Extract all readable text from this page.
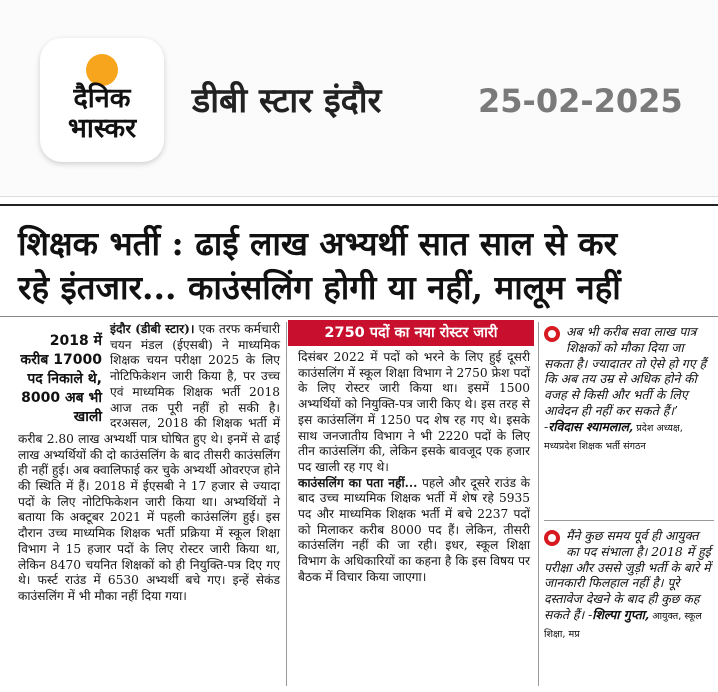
दैनिक
भास्कर
डीबी स्टार इंदौर	25-02-2025
शिक्षक भर्ती : ढाई लाख अभ्यर्थी सात साल से कर
रहे इंतजार... काउंसलिंग होगी या नहीं, मालूम नहीं

इंदौर (डीबी स्टार)।
2018 में करीब 17000 पद निकाले थे, 8000 अब भी खाली
एक तरफ कर्मचारी चयन मंडल (ईएसबी) ने माध्यमिक शिक्षक चयन परीक्षा 2025 के लिए नोटिफिकेशन जारी किया है, पर उच्च एवं माध्यमिक शिक्षक भर्ती 2018 आज तक पूरी नहीं हो सकी है। दरअसल, 2018 की शिक्षक भर्ती में करीब 2.80 लाख अभ्यर्थी पात्र घोषित हुए थे। इनमें से ढाई लाख अभ्यर्थियों की दो काउंसलिंग के बाद तीसरी काउंसलिंग ही नहीं हुई। अब क्वालिफाई कर चुके अभ्यर्थी ओवरएज होने की स्थिति में हैं। 2018 में ईएसबी ने 17 हजार से ज्यादा पदों के लिए नोटिफिकेशन जारी किया था। अभ्यर्थियों ने बताया कि अक्टूबर 2021 में पहली काउंसलिंग हुई। इस दौरान उच्च माध्यमिक शिक्षक भर्ती प्रक्रिया में स्कूल शिक्षा विभाग ने 15 हजार पदों के लिए रोस्टर जारी किया था, लेकिन 8470 चयनित शिक्षकों को ही नियुक्ति-पत्र दिए गए थे। फर्स्ट राउंड में 6530 अभ्यर्थी बचे गए। इन्हें सेकंड काउंसलिंग में भी मौका नहीं दिया गया।

2750 पदों का नया रोस्टर जारी

दिसंबर 2022 में पदों को भरने के लिए हुई दूसरी काउंसलिंग में स्कूल शिक्षा विभाग ने 2750 फ्रेश पदों के लिए रोस्टर जारी किया था। इसमें 1500 अभ्यर्थियों को नियुक्ति-पत्र जारी किए थे। इस तरह से इस काउंसलिंग में 1250 पद शेष रह गए थे। इसके साथ जनजातीय विभाग ने भी 2220 पदों के लिए तीन काउंसलिंग की, लेकिन इसके बावजूद एक हजार पद खाली रह गए थे।

काउंसलिंग का पता नहीं... पहले और दूसरे राउंड के बाद उच्च माध्यमिक शिक्षक भर्ती में शेष रहे 5935 पद और माध्यमिक शिक्षक भर्ती में बचे 2237 पदों को मिलाकर करीब 8000 पद हैं। लेकिन, तीसरी काउंसलिंग नहीं की जा रही। इधर, स्कूल शिक्षा विभाग के अधिकारियों का कहना है कि इस विषय पर बैठक में विचार किया जाएगा।

अब भी करीब सवा लाख पात्र शिक्षकों को मौका दिया जा सकता है। ज्यादातर तो ऐसे हो गए हैं कि अब तय उम्र से अधिक होने की वजह से किसी और भर्ती के लिए आवेदन ही नहीं कर सकते हैं।’ -रविदास श्यामलाल, प्रदेश अध्यक्ष, मध्यप्रदेश शिक्षक भर्ती संगठन
मैंने कुछ समय पूर्व ही आयुक्त का पद संभाला है। 2018 में हुई परीक्षा और उससे जुड़ी भर्ती के बारे में जानकारी फिलहाल नहीं है। पूरे दस्तावेज देखने के बाद ही कुछ कह सकते हैं। -शिल्पा गुप्ता, आयुक्त, स्कूल शिक्षा, मप्र
